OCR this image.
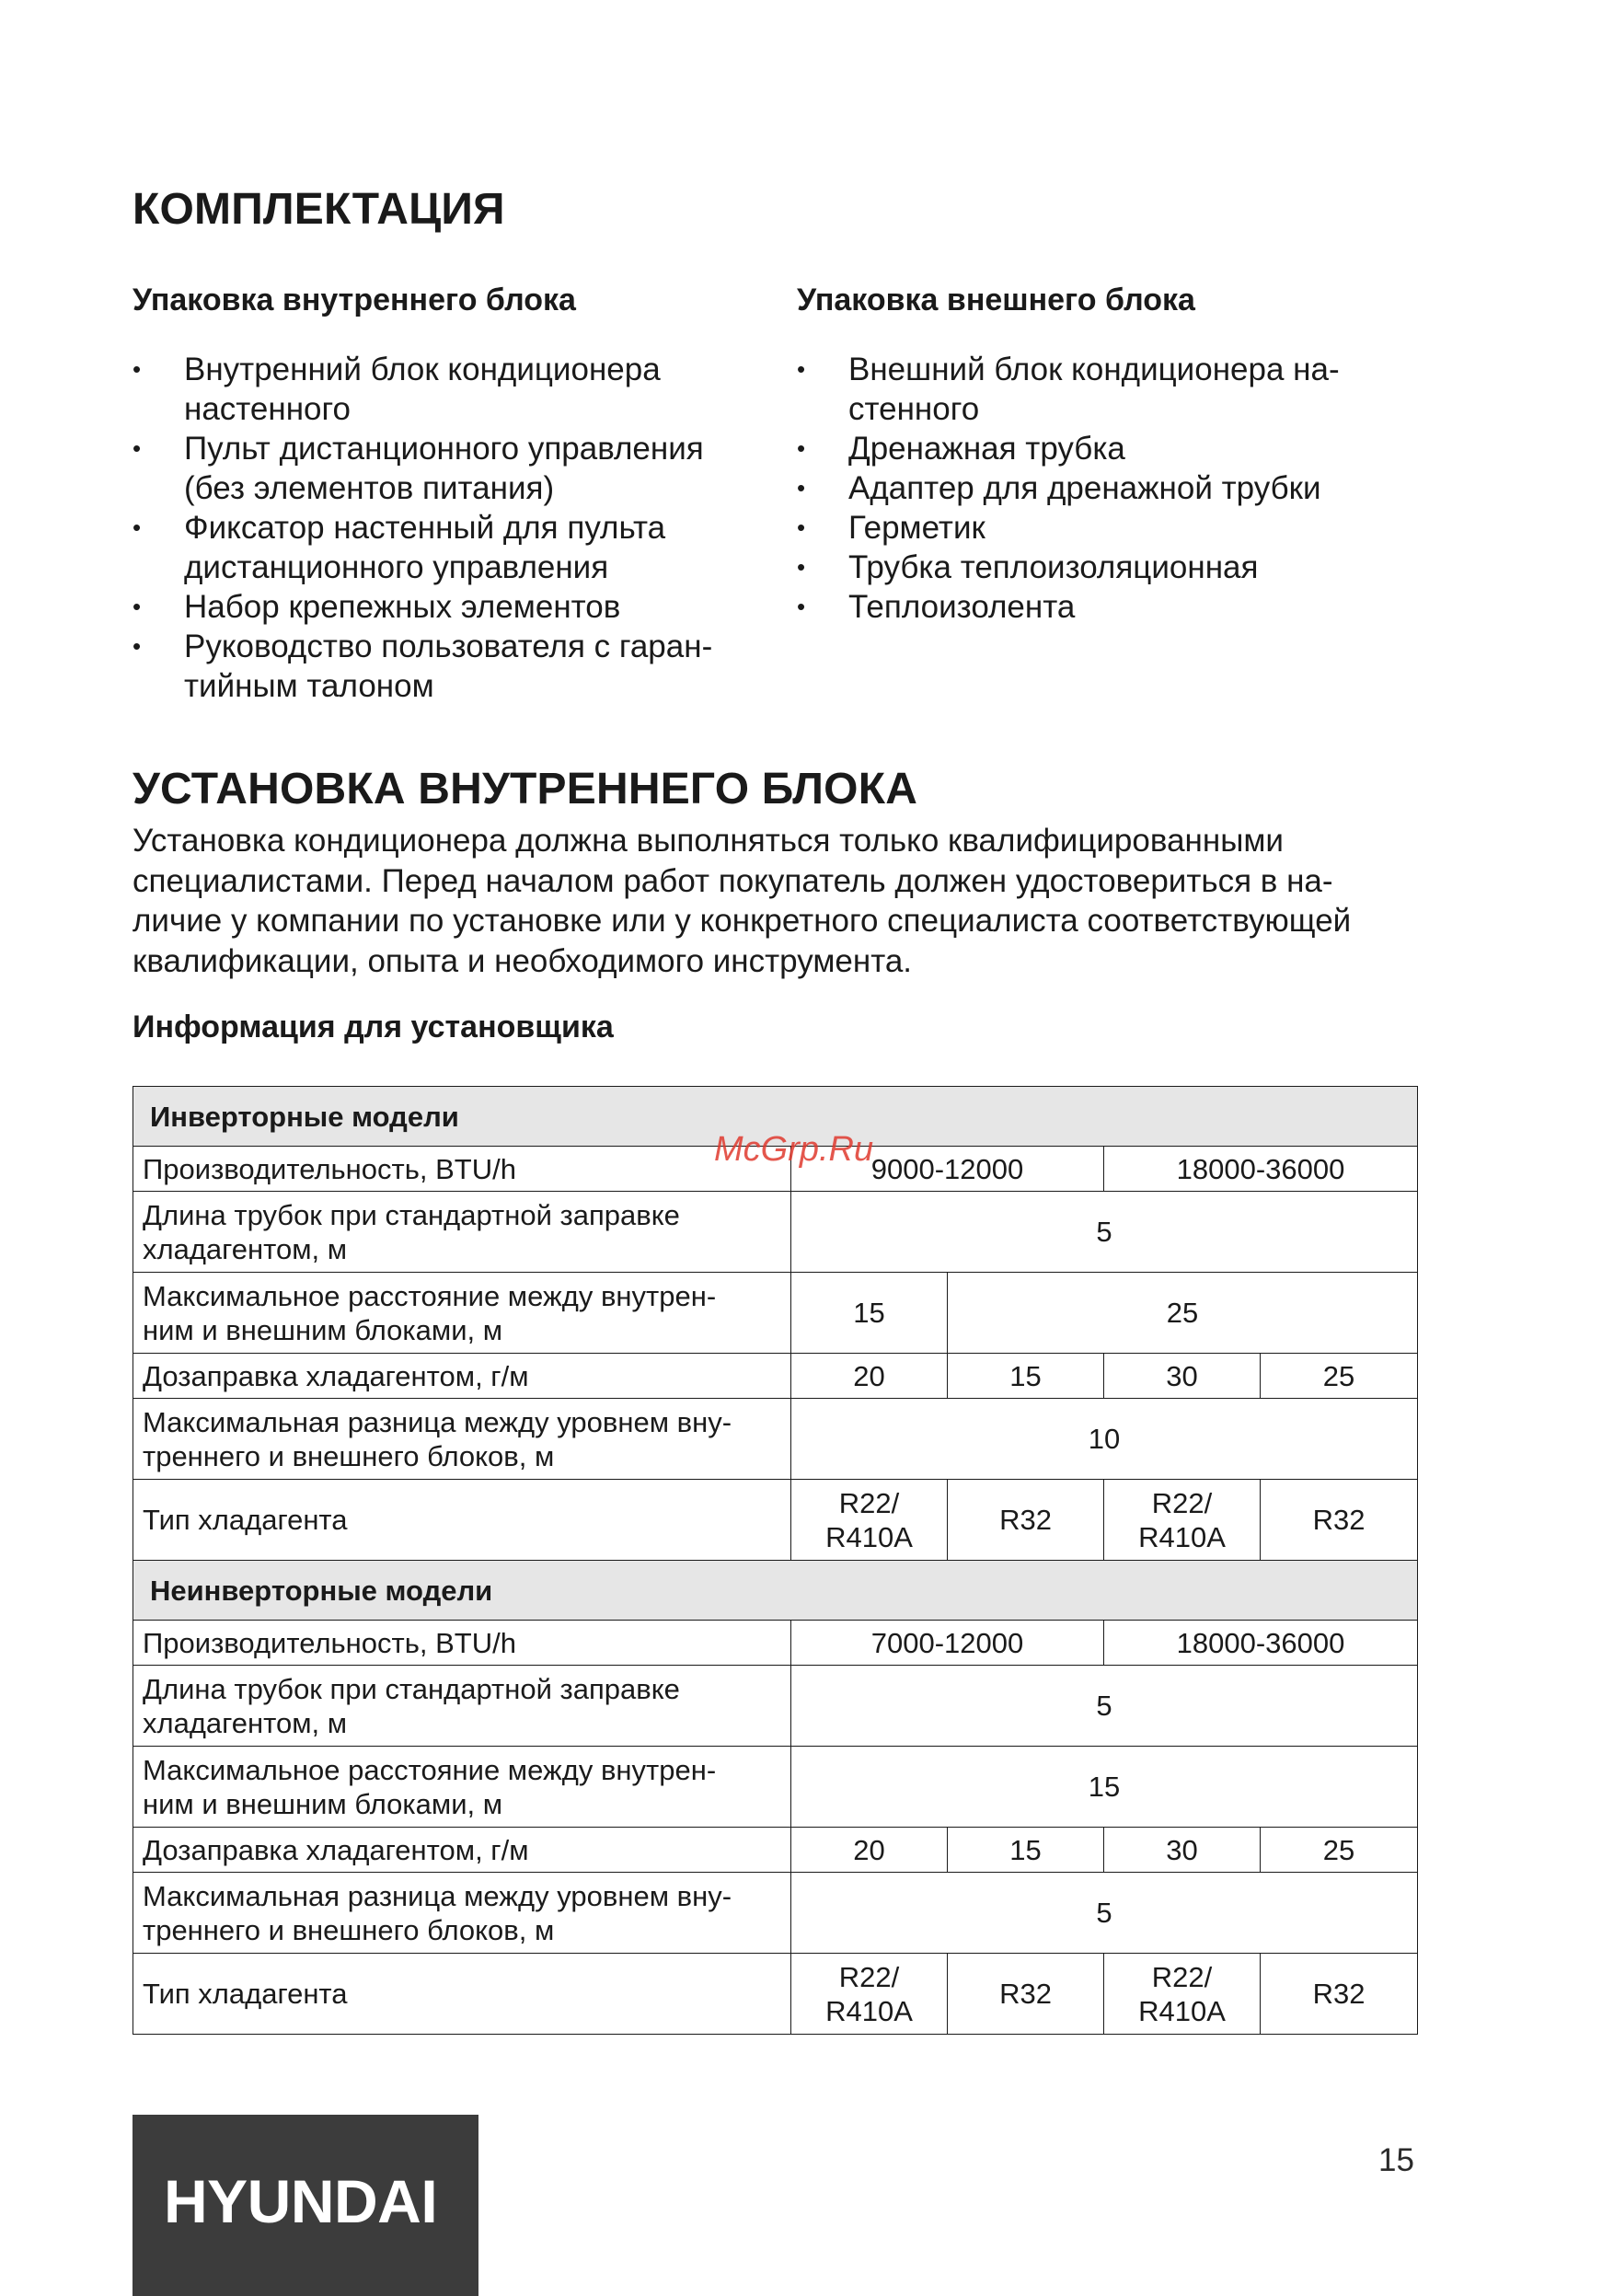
КОМПЛЕКТАЦИЯ
Упаковка внутреннего блока
• Внутренний блок кондиционера
настенного
• Пульт дистанционного управления
(без элементов питания)
• Фиксатор настенный для пульта
дистанционного управления
• Набор крепежных элементов
• Руководство пользователя с гаран-
тийным талоном
Упаковка внешнего блока
• Внешний блок кондиционера на-
стенного
• Дренажная трубка
• Адаптер для дренажной трубки
• Герметик
• Трубка теплоизоляционная
• Теплоизолента
УСТАНОВКА ВНУТРЕННЕГО БЛОКА
Установка кондиционера должна выполняться только квалифицированными
специалистами. Перед началом работ покупатель должен удостовериться в на-
личие у компании по установке или у конкретного специалиста соответствующей
квалификации, опыта и необходимого инструмента.
Информация для установщика
Инверторные модели				
Производительность, BTU/h	9000-12000		18000-36000	
Длина трубок при стандартной заправке
хладагентом, м	5			
Максимальное расстояние между внутрен-
ним и внешним блоками, м	15	25		
Дозаправка хладагентом, г/м	20	15	30	25
Максимальная разница между уровнем вну-
треннего и внешнего блоков, м	10			
Тип хладагента	R22/
R410A	R32	R22/
R410A	R32
Неинверторные модели				
Производительность, BTU/h	7000-12000		18000-36000	
Длина трубок при стандартной заправке
хладагентом, м	5			
Максимальное расстояние между внутрен-
ним и внешним блоками, м	15			
Дозаправка хладагентом, г/м	20	15	30	25
Максимальная разница между уровнем вну-
треннего и внешнего блоков, м	5			
Тип хладагента	R22/
R410A	R32	R22/
R410A	R32
McGrp.Ru
HYUNDAI
15
